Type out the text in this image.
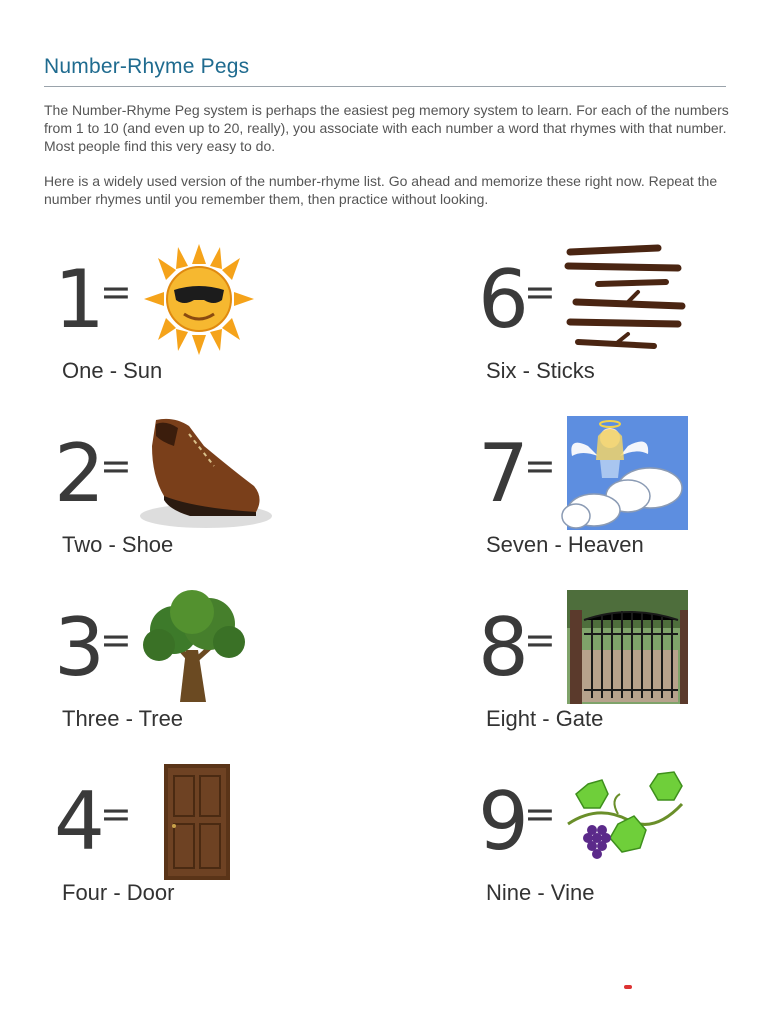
Number-Rhyme Pegs

The Number-Rhyme Peg system is perhaps the easiest peg memory system to learn. For each of the numbers from 1 to 10 (and even up to 20, really), you associate with each number a word that rhymes with that number. Most people find this very easy to do.

Here is a widely used version of the number-rhyme list. Go ahead and memorize these right now. Repeat the number rhymes until you remember them, then practice without looking.

1
=
One - Sun
2
=
Two - Shoe
3
=
Three - Tree
4
=
Four - Door
6
=
Six - Sticks
7
=
Seven - Heaven
8
=
Eight - Gate
9
=
Nine - Vine
